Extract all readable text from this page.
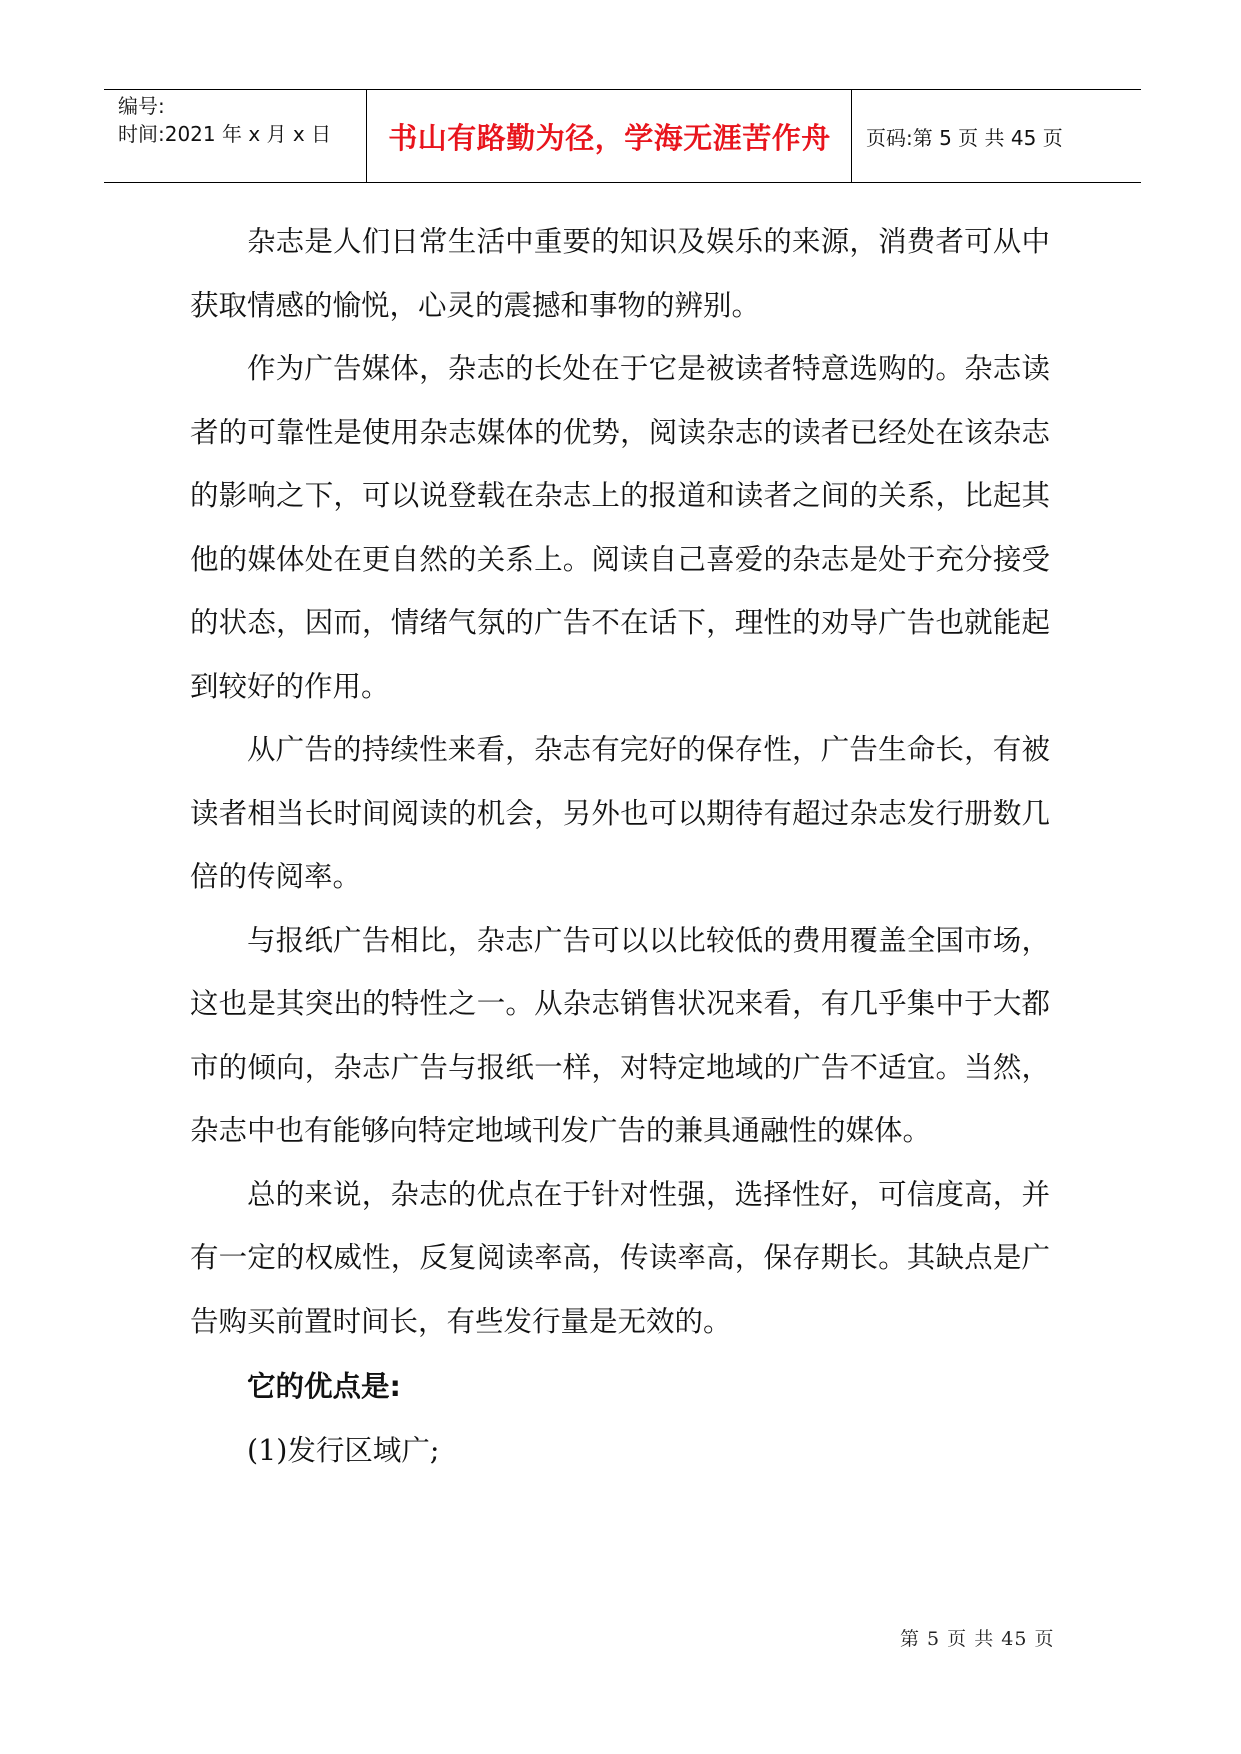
编号:
时间:2021 年 x 月 x 日	书山有路勤为径，学海无涯苦作舟	页码:第 5 页 共 45 页

杂志是人们日常生活中重要的知识及娱乐的来源，消费者可从中获取情感的愉悦，心灵的震撼和事物的辨别。

作为广告媒体，杂志的长处在于它是被读者特意选购的。杂志读者的可靠性是使用杂志媒体的优势，阅读杂志的读者已经处在该杂志的影响之下，可以说登载在杂志上的报道和读者之间的关系，比起其他的媒体处在更自然的关系上。阅读自己喜爱的杂志是处于充分接受的状态，因而，情绪气氛的广告不在话下，理性的劝导广告也就能起到较好的作用。

从广告的持续性来看，杂志有完好的保存性，广告生命长，有被读者相当长时间阅读的机会，另外也可以期待有超过杂志发行册数几倍的传阅率。

与报纸广告相比，杂志广告可以以比较低的费用覆盖全国市场，这也是其突出的特性之一。从杂志销售状况来看，有几乎集中于大都市的倾向，杂志广告与报纸一样，对特定地域的广告不适宜。当然，杂志中也有能够向特定地域刊发广告的兼具通融性的媒体。

总的来说，杂志的优点在于针对性强，选择性好，可信度高，并有一定的权威性，反复阅读率高，传读率高，保存期长。其缺点是广告购买前置时间长，有些发行量是无效的。

它的优点是:

(1)发行区域广;

第 5 页 共 45 页
